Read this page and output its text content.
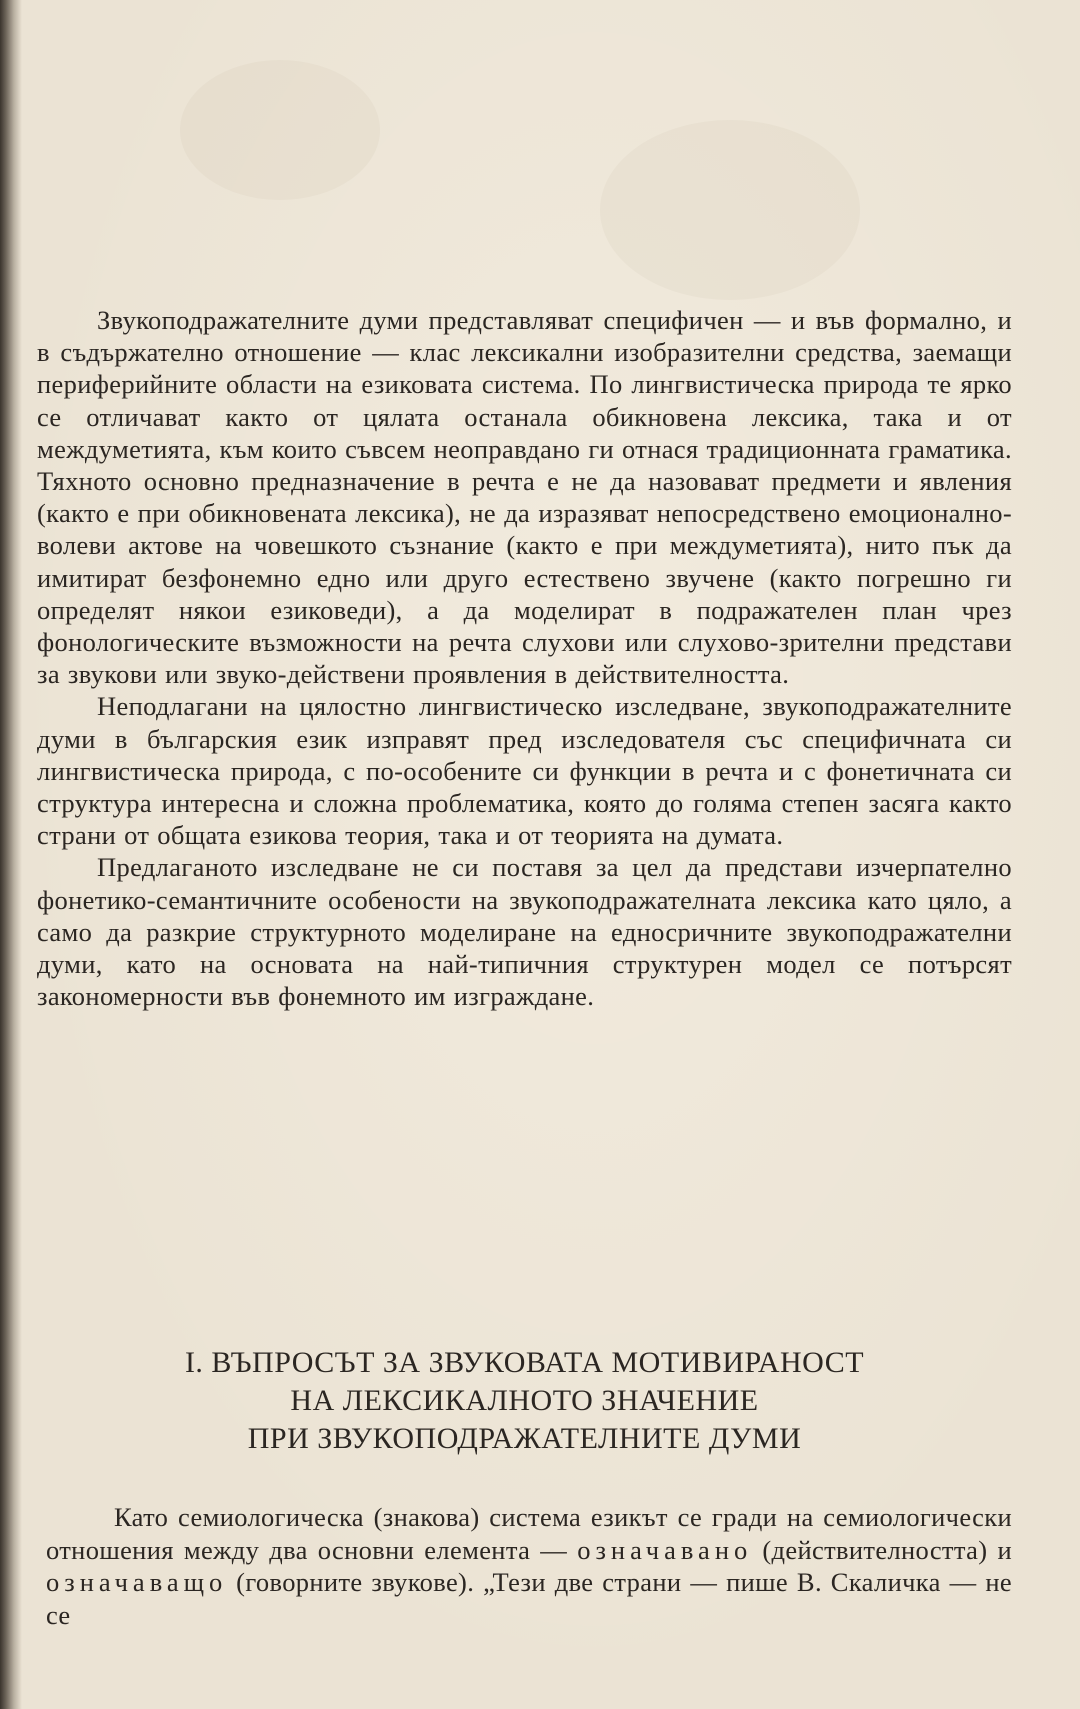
Звукоподражателните думи представляват специфичен — и във формално, и в съдържателно отношение — клас лексикални изобразителни средства, заемащи периферийните области на езиковата система. По лингвистическа природа те ярко се отличават както от цялата останала обикновена лексика, така и от междуметията, към които съвсем неоправдано ги отнася традиционната граматика. Тяхното основно предназначение в речта е не да назовават предмети и явления (както е при обикновената лексика), не да изразяват непосредствено емоционално-волеви актове на човешкото съзнание (както е при междуметията), нито пък да имитират безфонемно едно или друго естествено звучене (както погрешно ги определят някои езиковеди), а да моделират в подражателен план чрез фонологическите възможности на речта слухови или слухово-зрителни представи за звукови или звуко-действени проявления в действителността.

Неподлагани на цялостно лингвистическо изследване, звукоподражателните думи в българския език изправят пред изследователя със специфичната си лингвистическа природа, с по-особените си функции в речта и с фонетичната си структура интересна и сложна проблематика, която до голяма степен засяга както страни от общата езикова теория, така и от теорията на думата.

Предлаганото изследване не си поставя за цел да представи изчерпателно фонетико-семантичните особености на звукоподражателната лексика като цяло, а само да разкрие структурното моделиране на едносричните звукоподражателни думи, като на основата на най-типичния структурен модел се потърсят закономерности във фонемното им изграждане.

I. ВЪПРОСЪТ ЗА ЗВУКОВАТА МОТИВИРАНОСТ
НА ЛЕКСИКАЛНОТО ЗНАЧЕНИЕ
ПРИ ЗВУКОПОДРАЖАТЕЛНИТЕ ДУМИ

Като семиологическа (знакова) система езикът се гради на семиологически отношения между два основни елемента — означавано (действителността) и означаващо (говорните звукове). „Тези две страни — пише В. Скаличка — не се
